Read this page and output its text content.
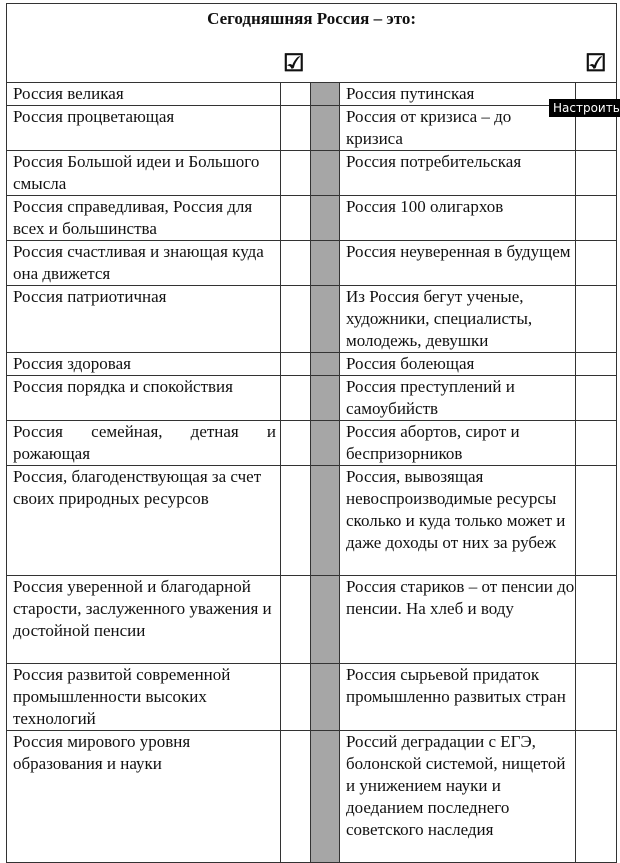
Сегодняшняя Россия – это:
☑ ☑				

Россия великая			Россия путинская	
Россия процветающая			Россия от кризиса – до кризиса	
Россия Большой идеи и Большого смысла			Россия потребительская	
Россия справедливая, Россия для всех и большинства			Россия 100 олигархов	
Россия счастливая и знающая куда она движется			Россия неуверенная в будущем	
Россия патриотичная			Из Россия бегут ученые, художники, специалисты, молодежь, девушки	
Россия здоровая			Россия болеющая	
Россия порядка и спокойствия			Россия преступлений и самоубийств	
Россия семейная, детная и рожающая			Россия абортов, сирот и беспризорников	
Россия, благоденствующая за счет своих природных ресурсов			Россия, вывозящая невоспроизводимые ресурсы сколько и куда только может и даже доходы от них за рубеж	
Россия уверенной и благодарной старости, заслуженного уважения и достойной пенсии			Россия стариков – от пенсии до пенсии. На хлеб и воду	
Россия развитой современной промышленности высоких технологий			Россия сырьевой придаток промышленно развитых стран	
Россия мирового уровня образования и науки			Россий деградации с ЕГЭ, болонской системой, нищетой и унижением науки и доеданием последнего советского наследия	
Настроить
